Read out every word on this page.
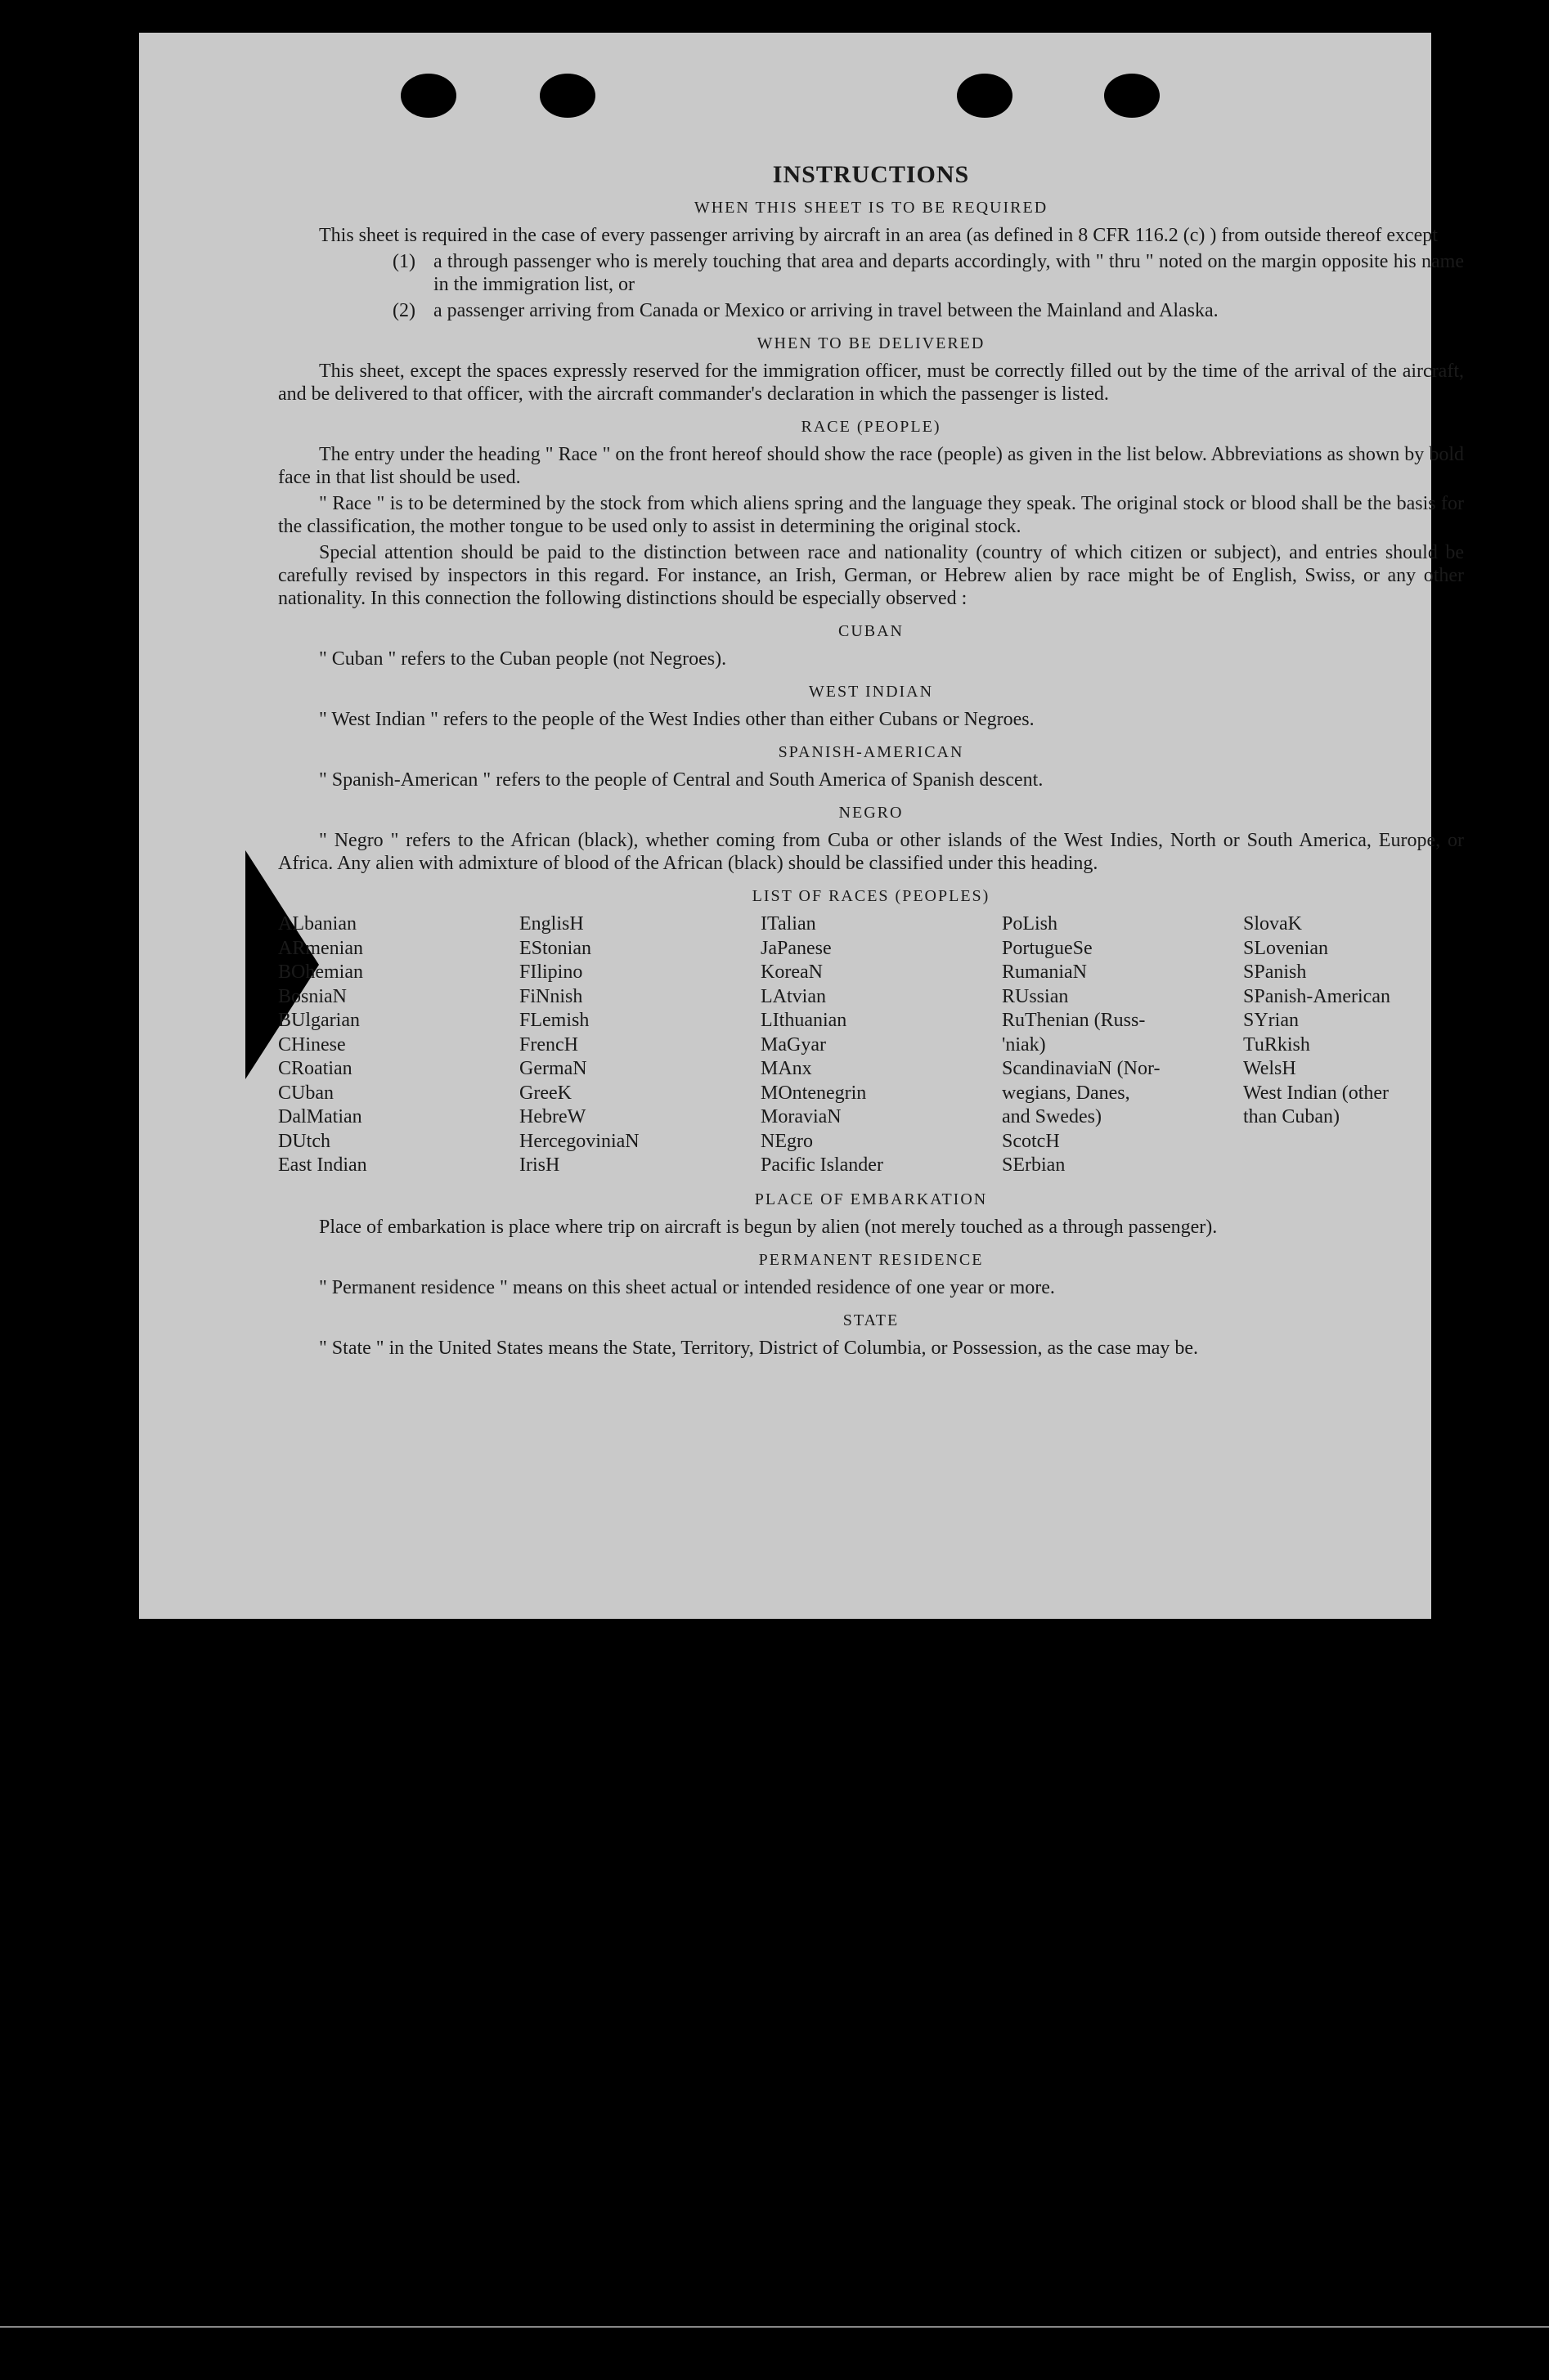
INSTRUCTIONS
WHEN THIS SHEET IS TO BE REQUIRED

This sheet is required in the case of every passenger arriving by aircraft in an area (as defined in 8 CFR 116.2 (c) ) from outside thereof except

(1) a through passenger who is merely touching that area and departs accordingly, with " thru " noted on the margin opposite his name in the immigration list, or
(2) a passenger arriving from Canada or Mexico or arriving in travel between the Mainland and Alaska.
WHEN TO BE DELIVERED

This sheet, except the spaces expressly reserved for the immigration officer, must be correctly filled out by the time of the arrival of the aircraft, and be delivered to that officer, with the aircraft commander's declaration in which the passenger is listed.

RACE (PEOPLE)

The entry under the heading " Race " on the front hereof should show the race (people) as given in the list below. Abbreviations as shown by bold face in that list should be used.

" Race " is to be determined by the stock from which aliens spring and the language they speak. The original stock or blood shall be the basis for the classification, the mother tongue to be used only to assist in determining the original stock.

Special attention should be paid to the distinction between race and nationality (country of which citizen or subject), and entries should be carefully revised by inspectors in this regard. For instance, an Irish, German, or Hebrew alien by race might be of English, Swiss, or any other nationality. In this connection the following distinctions should be especially observed :

CUBAN

" Cuban " refers to the Cuban people (not Negroes).

WEST INDIAN

" West Indian " refers to the people of the West Indies other than either Cubans or Negroes.

SPANISH-AMERICAN

" Spanish-American " refers to the people of Central and South America of Spanish descent.

NEGRO

" Negro " refers to the African (black), whether coming from Cuba or other islands of the West Indies, North or South America, Europe, or Africa. Any alien with admixture of blood of the African (black) should be classified under this heading.

LIST OF RACES (PEOPLES)
ALbanian
ARmenian
BOhemian
BosniaN
BUlgarian
CHinese
CRoatian
CUban
DalMatian
DUtch
East Indian
EnglisH
EStonian
FIlipino
FiNnish
FLemish
FrencH
GermaN
GreeK
HebreW
HercegoviniaN
IrisH
ITalian
JaPanese
KoreaN
LAtvian
LIthuanian
MaGyar
MAnx
MOntenegrin
MoraviaN
NEgro
Pacific Islander
PoLish
PortugueSe
RumaniaN
RUssian
RuThenian (Russ-
'niak)
ScandinaviaN (Nor-
wegians, Danes,
and Swedes)
ScotcH
SErbian
SlovaK
SLovenian
SPanish
SPanish-American
SYrian
TuRkish
WelsH
West Indian (other
than Cuban)
PLACE OF EMBARKATION

Place of embarkation is place where trip on aircraft is begun by alien (not merely touched as a through passenger).

PERMANENT RESIDENCE

" Permanent residence " means on this sheet actual or intended residence of one year or more.

STATE

" State " in the United States means the State, Territory, District of Columbia, or Possession, as the case may be.
